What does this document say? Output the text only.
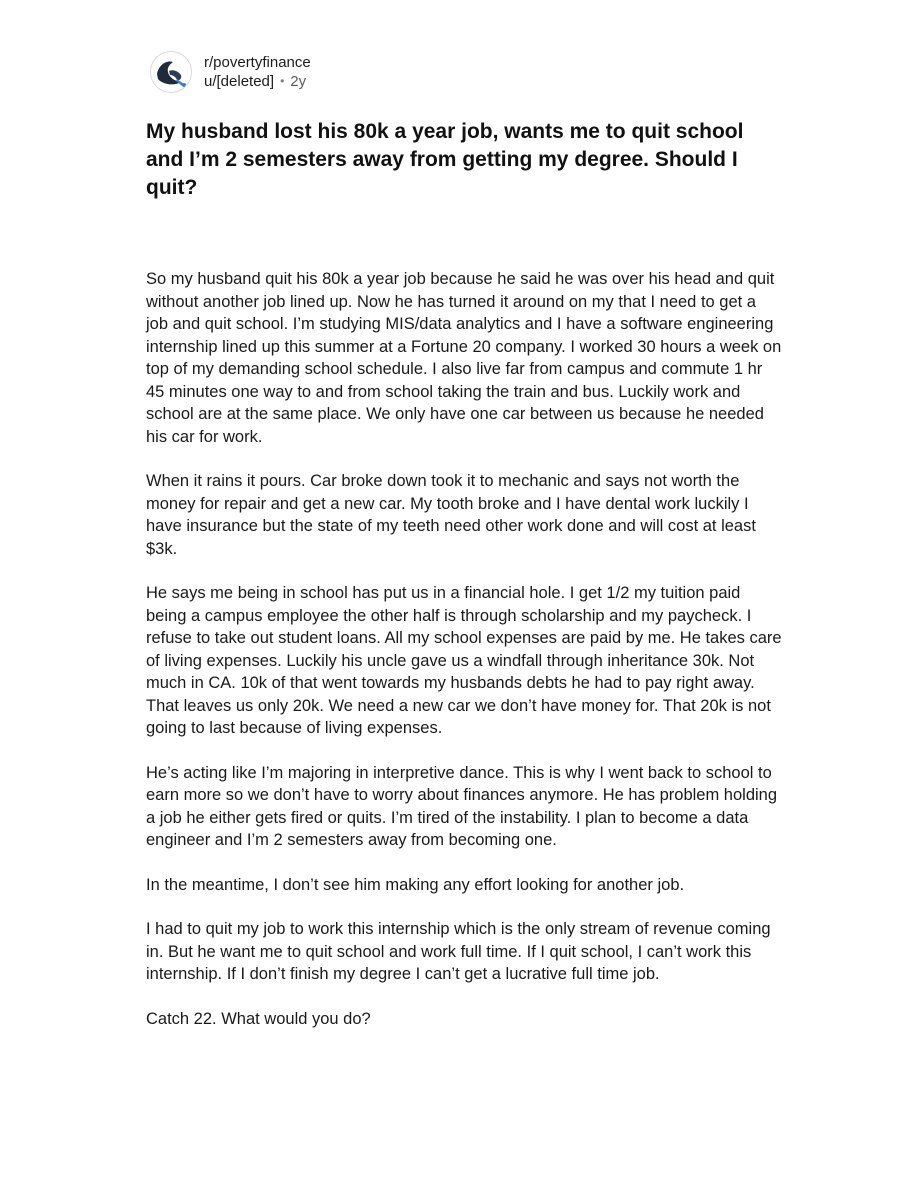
r/povertyfinance
u/[deleted] • 2y
My husband lost his 80k a year job, wants me to quit school and I’m 2 semesters away from getting my degree. Should I quit?

So my husband quit his 80k a year job because he said he was over his head and quit without another job lined up. Now he has turned it around on my that I need to get a job and quit school. I’m studying MIS/data analytics and I have a software engineering internship lined up this summer at a Fortune 20 company. I worked 30 hours a week on top of my demanding school schedule. I also live far from campus and commute 1 hr 45 minutes one way to and from school taking the train and bus. Luckily work and school are at the same place. We only have one car between us because he needed his car for work.

When it rains it pours. Car broke down took it to mechanic and says not worth the money for repair and get a new car. My tooth broke and I have dental work luckily I have insurance but the state of my teeth need other work done and will cost at least $3k.

He says me being in school has put us in a financial hole. I get 1/2 my tuition paid being a campus employee the other half is through scholarship and my paycheck. I refuse to take out student loans. All my school expenses are paid by me. He takes care of living expenses. Luckily his uncle gave us a windfall through inheritance 30k. Not much in CA. 10k of that went towards my husbands debts he had to pay right away. That leaves us only 20k. We need a new car we don’t have money for. That 20k is not going to last because of living expenses.

He’s acting like I’m majoring in interpretive dance. This is why I went back to school to earn more so we don’t have to worry about finances anymore. He has problem holding a job he either gets fired or quits. I’m tired of the instability. I plan to become a data engineer and I’m 2 semesters away from becoming one.

In the meantime, I don’t see him making any effort looking for another job.

I had to quit my job to work this internship which is the only stream of revenue coming in. But he want me to quit school and work full time. If I quit school, I can’t work this internship. If I don’t finish my degree I can’t get a lucrative full time job.

Catch 22. What would you do?
